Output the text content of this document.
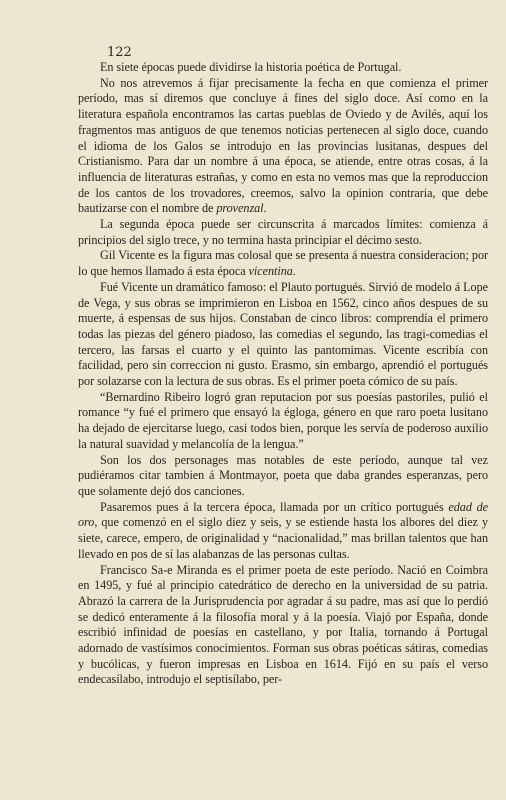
122

En siete épocas puede dividirse la historia poética de Portugal.

No nos atrevemos á fijar precisamente la fecha en que comienza el primer período, mas sí diremos que concluye á fines del siglo doce. Así como en la literatura española encontramos las cartas pueblas de Oviedo y de Avilés, aquí los fragmentos mas antiguos de que tenemos noticias pertenecen al siglo doce, cuando el idioma de los Galos se introdujo en las provincias lusitanas, despues del Cristianismo. Para dar un nombre á una época, se atiende, entre otras cosas, á la influencia de literaturas estrañas, y como en esta no vemos mas que la reproduccion de los cantos de los trovadores, creemos, salvo la opinion contraria, que debe bautizarse con el nombre de provenzal.

La segunda época puede ser circunscrita á marcados límites: comienza á principios del siglo trece, y no termina hasta principiar el décimo sesto.

Gil Vicente es la figura mas colosal que se presenta á nuestra consideracion; por lo que hemos llamado á esta época vicentina.

Fué Vicente un dramático famoso: el Plauto portugués. Sirvió de modelo á Lope de Vega, y sus obras se imprimieron en Lisboa en 1562, cinco años despues de su muerte, á espensas de sus hijos. Constaban de cinco libros: comprendía el primero todas las piezas del género piadoso, las comedias el segundo, las tragi-comedias el tercero, las farsas el cuarto y el quinto las pantomimas. Vicente escribía con facilidad, pero sin correccion ni gusto. Erasmo, sin embargo, aprendió el portugués por solazarse con la lectura de sus obras. Es el primer poeta cómico de su país.

“Bernardino Ribeiro logró gran reputacion por sus poesías pastoriles, pulió el romance “y fué el primero que ensayó la égloga, género en que raro poeta lusitano ha dejado de ejercitarse luego, casi todos bien, porque les servía de poderoso auxilio la natural suavidad y melancolía de la lengua.”

Son los dos personages mas notables de este período, aunque tal vez pudiéramos citar tambien á Montmayor, poeta que daba grandes esperanzas, pero que solamente dejó dos canciones.

Pasaremos pues á la tercera época, llamada por un crítico portugués edad de oro, que comenzó en el siglo diez y seis, y se estiende hasta los albores del diez y siete, carece, empero, de originalidad y “nacionalidad,” mas brillan talentos que han llevado en pos de sí las alabanzas de las personas cultas.

Francisco Sa-e Miranda es el primer poeta de este período. Nació en Coimbra en 1495, y fué al principio catedrático de derecho en la universidad de su patria. Abrazó la carrera de la Jurisprudencia por agradar á su padre, mas así que lo perdió se dedicó enteramente á la filosofía moral y á la poesía. Viajó por España, donde escribió infinidad de poesías en castellano, y por Italia, tornando á Portugal adornado de vastísimos conocimientos. Forman sus obras poéticas sátiras, comedias y bucólicas, y fueron impresas en Lisboa en 1614. Fijó en su país el verso endecasílabo, introdujo el septisílabo, per-
